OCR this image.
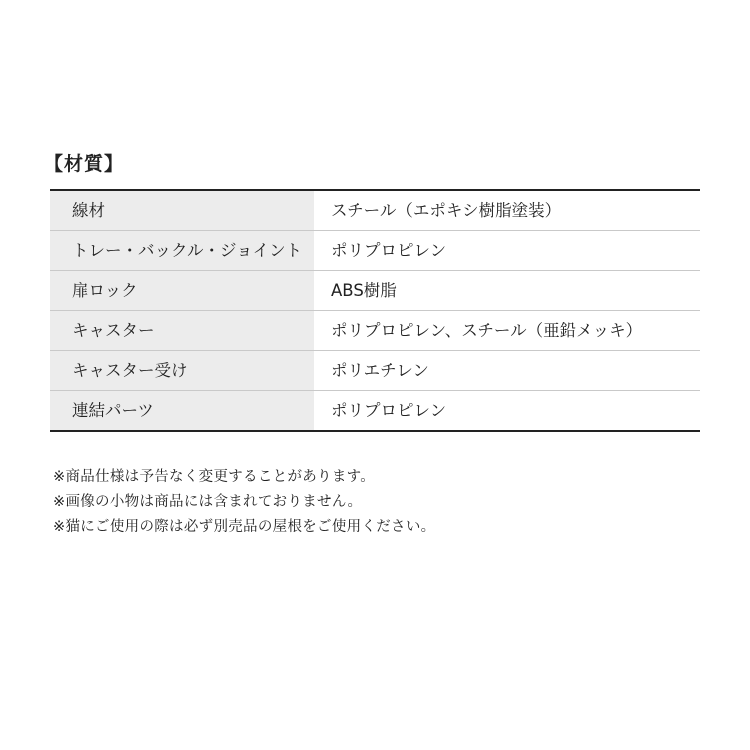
【材質】
線材	スチール（エポキシ樹脂塗装）
トレー・バックル・ジョイント	ポリプロピレン
扉ロック	ABS樹脂
キャスター	ポリプロピレン、スチール（亜鉛メッキ）
キャスター受け	ポリエチレン
連結パーツ	ポリプロピレン
※商品仕様は予告なく変更することがあります。
※画像の小物は商品には含まれておりません。
※猫にご使用の際は必ず別売品の屋根をご使用ください。
